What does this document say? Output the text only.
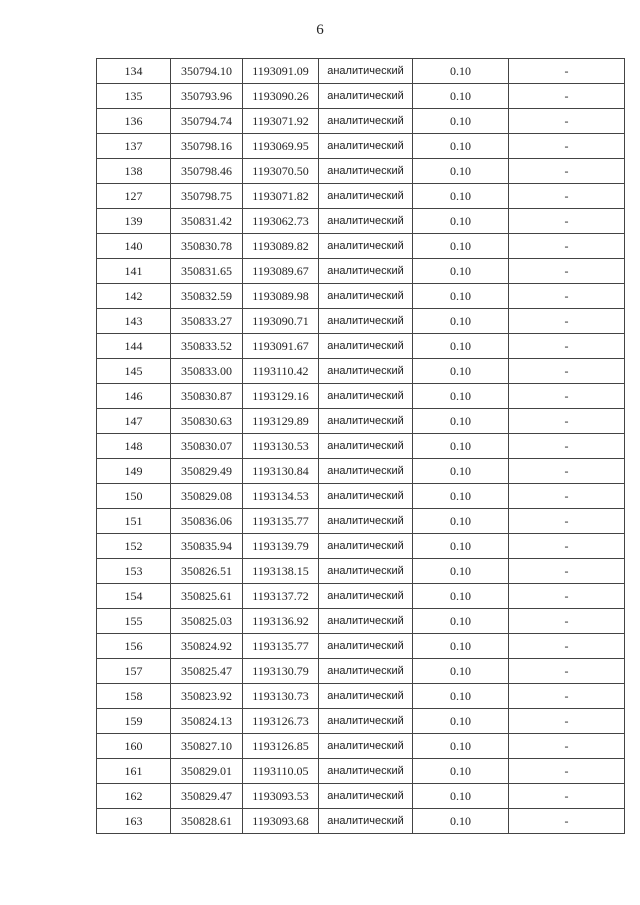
6
134	350794.10	1193091.09	аналитический	0.10	-
135	350793.96	1193090.26	аналитический	0.10	-
136	350794.74	1193071.92	аналитический	0.10	-
137	350798.16	1193069.95	аналитический	0.10	-
138	350798.46	1193070.50	аналитический	0.10	-
127	350798.75	1193071.82	аналитический	0.10	-
139	350831.42	1193062.73	аналитический	0.10	-
140	350830.78	1193089.82	аналитический	0.10	-
141	350831.65	1193089.67	аналитический	0.10	-
142	350832.59	1193089.98	аналитический	0.10	-
143	350833.27	1193090.71	аналитический	0.10	-
144	350833.52	1193091.67	аналитический	0.10	-
145	350833.00	1193110.42	аналитический	0.10	-
146	350830.87	1193129.16	аналитический	0.10	-
147	350830.63	1193129.89	аналитический	0.10	-
148	350830.07	1193130.53	аналитический	0.10	-
149	350829.49	1193130.84	аналитический	0.10	-
150	350829.08	1193134.53	аналитический	0.10	-
151	350836.06	1193135.77	аналитический	0.10	-
152	350835.94	1193139.79	аналитический	0.10	-
153	350826.51	1193138.15	аналитический	0.10	-
154	350825.61	1193137.72	аналитический	0.10	-
155	350825.03	1193136.92	аналитический	0.10	-
156	350824.92	1193135.77	аналитический	0.10	-
157	350825.47	1193130.79	аналитический	0.10	-
158	350823.92	1193130.73	аналитический	0.10	-
159	350824.13	1193126.73	аналитический	0.10	-
160	350827.10	1193126.85	аналитический	0.10	-
161	350829.01	1193110.05	аналитический	0.10	-
162	350829.47	1193093.53	аналитический	0.10	-
163	350828.61	1193093.68	аналитический	0.10	-
